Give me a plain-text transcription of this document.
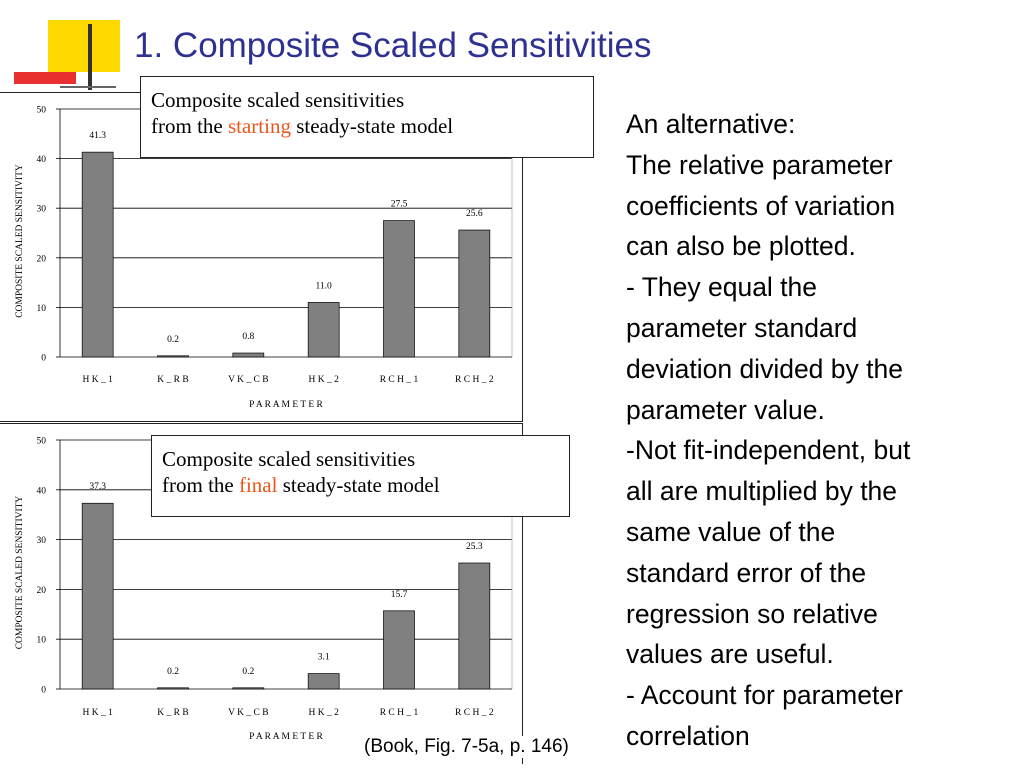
1. Composite Scaled Sensitivities
0
10
20
30
40
50
41.3
H K _ 1
0.2
K _ R B
0.8
V K _ C B
11.0
H K _ 2
27.5
R C H _ 1
25.6
R C H _ 2
P A R A M E T E R
COMPOSITE SCALED SENSITIVITY
0
10
20
30
40
50
37.3
H K _ 1
0.2
K _ R B
0.2
V K _ C B
3.1
H K _ 2
15.7
R C H _ 1
25.3
R C H _ 2
P A R A M E T E R
COMPOSITE SCALED SENSITIVITY
Composite scaled sensitivities
from the starting steady-state model
Composite scaled sensitivities
from the final steady-state model
An alternative:
The relative parameter
coefficients of variation
can also be plotted.
- They equal the
parameter standard
deviation divided by the
parameter value.
-Not fit-independent, but
all are multiplied by the
same value of the
standard error of the
regression so relative
values are useful.
- Account for parameter
correlation
(Book, Fig. 7-5a, p. 146)
